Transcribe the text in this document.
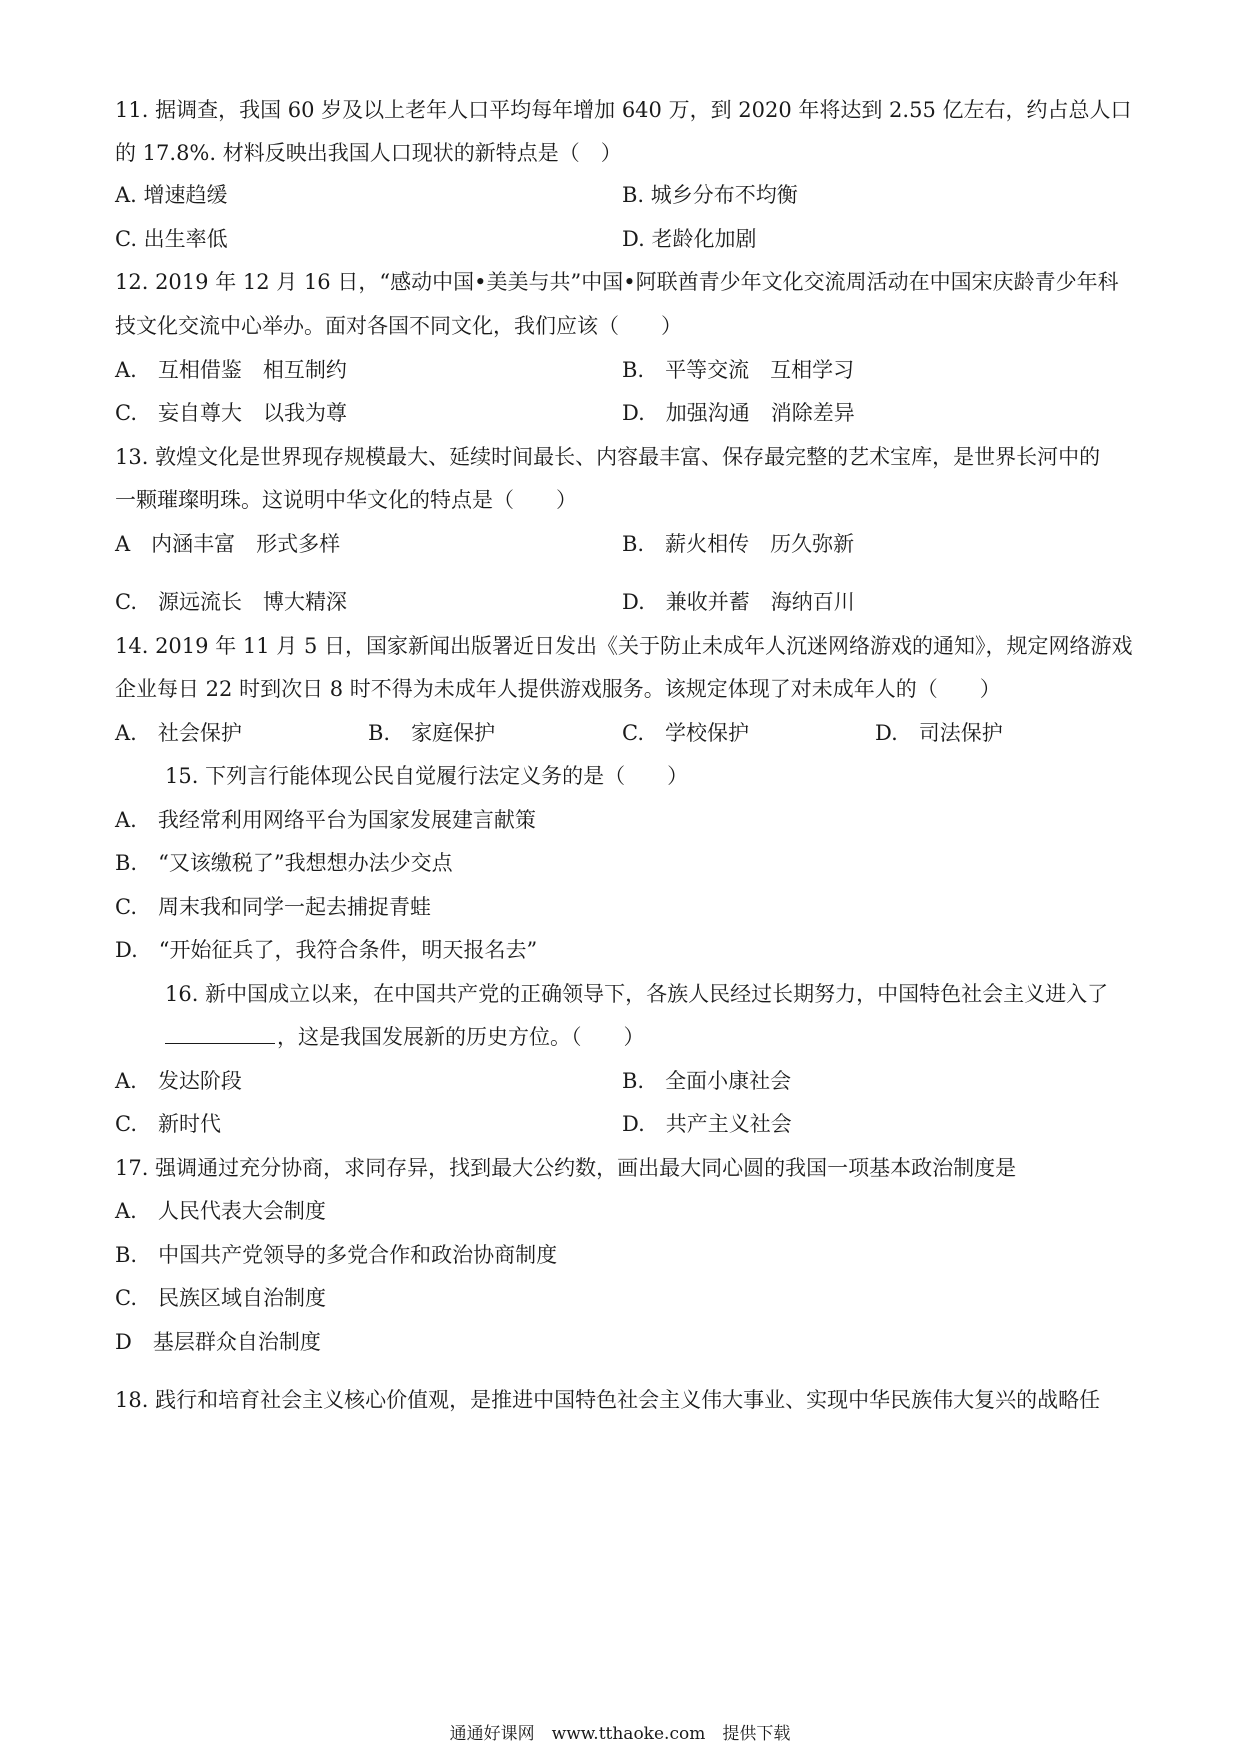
11. 据调查，我国 60 岁及以上老年人口平均每年增加 640 万，到 2020 年将达到 2.55 亿左右，约占总人口
的 17.8%. 材料反映出我国人口现状的新特点是（　）
A. 增速趋缓	B. 城乡分布不均衡
C. 出生率低	D. 老龄化加剧
12. 2019 年 12 月 16 日，“感动中国•美美与共”中国•阿联酋青少年文化交流周活动在中国宋庆龄青少年科
技文化交流中心举办。面对各国不同文化，我们应该（　　）
A.　互相借鉴　相互制约	B.　平等交流　互相学习
C.　妄自尊大　以我为尊	D.　加强沟通　消除差异
13. 敦煌文化是世界现存规模最大、延续时间最长、内容最丰富、保存最完整的艺术宝库，是世界长河中的
一颗璀璨明珠。这说明中华文化的特点是（　　）
A　内涵丰富　形式多样	B.　薪火相传　历久弥新
C.　源远流长　博大精深	D.　兼收并蓄　海纳百川
14. 2019 年 11 月 5 日，国家新闻出版署近日发出《关于防止未成年人沉迷网络游戏的通知》，规定网络游戏
企业每日 22 时到次日 8 时不得为未成年人提供游戏服务。该规定体现了对未成年人的（　　）
A.　社会保护	B.　家庭保护	C.　学校保护	D.　司法保护
15. 下列言行能体现公民自觉履行法定义务的是（　　）
A.　我经常利用网络平台为国家发展建言献策
B.　“又该缴税了”我想想办法少交点
C.　周末我和同学一起去捕捉青蛙
D.　“开始征兵了，我符合条件，明天报名去”
16. 新中国成立以来，在中国共产党的正确领导下，各族人民经过长期努力，中国特色社会主义进入了
，这是我国发展新的历史方位。（　　）
A.　发达阶段	B.　全面小康社会
C.　新时代	D.　共产主义社会
17. 强调通过充分协商，求同存异，找到最大公约数，画出最大同心圆的我国一项基本政治制度是
A.　人民代表大会制度
B.　中国共产党领导的多党合作和政治协商制度
C.　民族区域自治制度
D　基层群众自治制度
18. 践行和培育社会主义核心价值观，是推进中国特色社会主义伟大事业、实现中华民族伟大复兴的战略任
通通好课网　www.tthaoke.com　提供下载
